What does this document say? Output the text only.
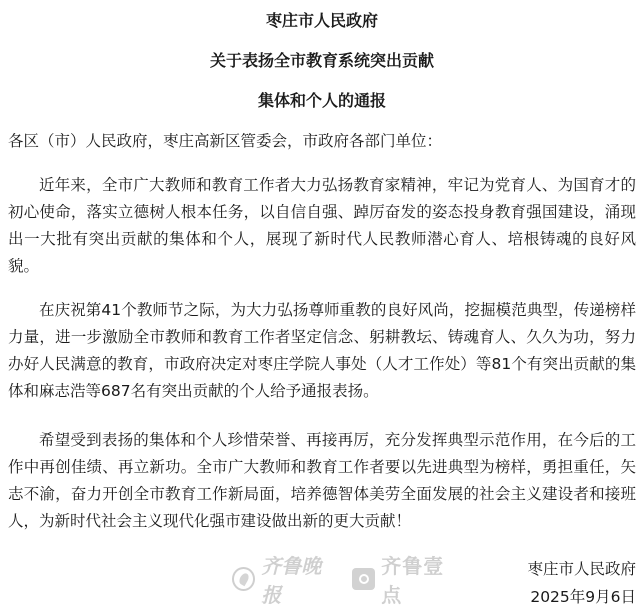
枣庄市人民政府
关于表扬全市教育系统突出贡献
集体和个人的通报
各区（市）人民政府，枣庄高新区管委会，市政府各部门单位：

近年来，全市广大教师和教育工作者大力弘扬教育家精神，牢记为党育人、为国育才的初心使命，落实立德树人根本任务，以自信自强、踔厉奋发的姿态投身教育强国建设，涌现出一大批有突出贡献的集体和个人，展现了新时代人民教师潜心育人、培根铸魂的良好风貌。

在庆祝第41个教师节之际，为大力弘扬尊师重教的良好风尚，挖掘模范典型，传递榜样力量，进一步激励全市教师和教育工作者坚定信念、躬耕教坛、铸魂育人、久久为功，努力办好人民满意的教育，市政府决定对枣庄学院人事处（人才工作处）等81个有突出贡献的集体和麻志浩等687名有突出贡献的个人给予通报表扬。

希望受到表扬的集体和个人珍惜荣誉、再接再厉，充分发挥典型示范作用，在今后的工作中再创佳绩、再立新功。全市广大教师和教育工作者要以先进典型为榜样，勇担重任，矢志不渝，奋力开创全市教育工作新局面，培养德智体美劳全面发展的社会主义建设者和接班人，为新时代社会主义现代化强市建设做出新的更大贡献！

齐鲁晚报
齐鲁壹点
枣庄市人民政府
2025年9月6日
